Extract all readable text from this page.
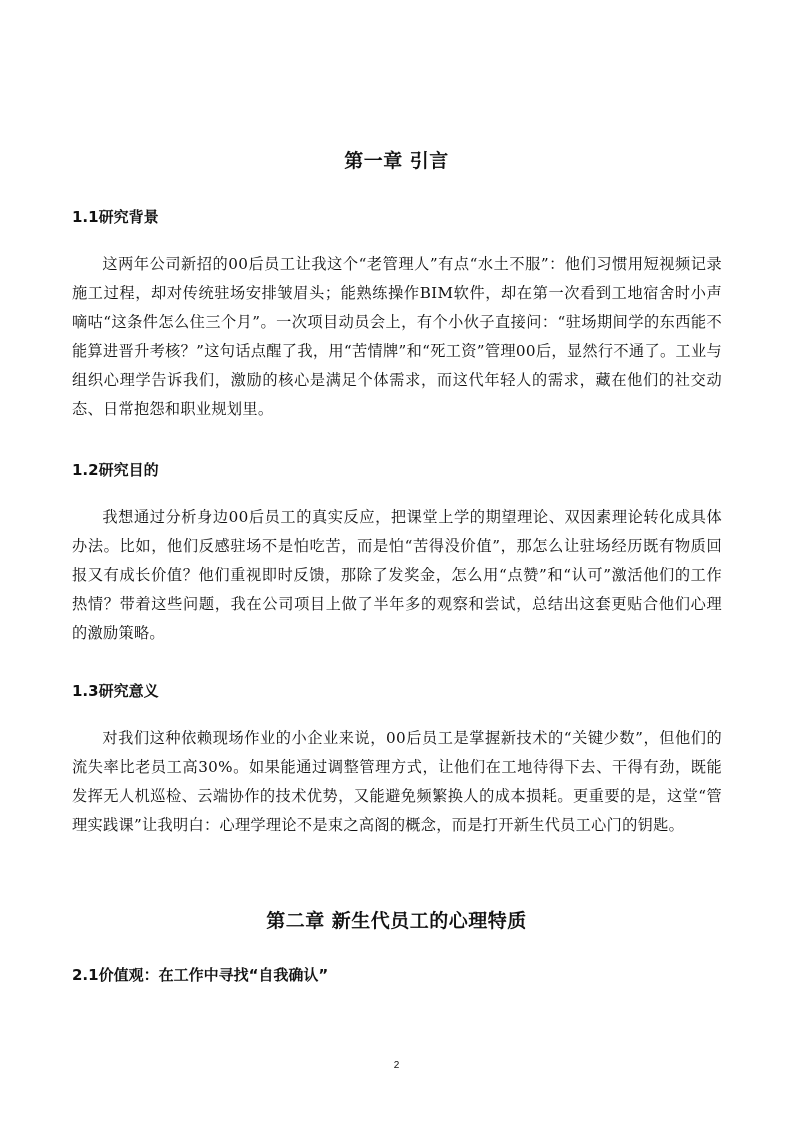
第一章 引言
1.1研究背景

这两年公司新招的00后员工让我这个“老管理人”有点“水土不服”：他们习惯用短视频记录施工过程，却对传统驻场安排皱眉头；能熟练操作BIM软件，却在第一次看到工地宿舍时小声嘀咕“这条件怎么住三个月”。一次项目动员会上，有个小伙子直接问：“驻场期间学的东西能不能算进晋升考核？”这句话点醒了我，用“苦情牌”和“死工资”管理00后，显然行不通了。工业与组织心理学告诉我们，激励的核心是满足个体需求，而这代年轻人的需求，藏在他们的社交动态、日常抱怨和职业规划里。

1.2研究目的

我想通过分析身边00后员工的真实反应，把课堂上学的期望理论、双因素理论转化成具体办法。比如，他们反感驻场不是怕吃苦，而是怕“苦得没价值”，那怎么让驻场经历既有物质回报又有成长价值？他们重视即时反馈，那除了发奖金，怎么用“点赞”和“认可”激活他们的工作热情？带着这些问题，我在公司项目上做了半年多的观察和尝试，总结出这套更贴合他们心理的激励策略。

1.3研究意义

对我们这种依赖现场作业的小企业来说，00后员工是掌握新技术的“关键少数”，但他们的流失率比老员工高30%。如果能通过调整管理方式，让他们在工地待得下去、干得有劲，既能发挥无人机巡检、云端协作的技术优势，又能避免频繁换人的成本损耗。更重要的是，这堂“管理实践课”让我明白：心理学理论不是束之高阁的概念，而是打开新生代员工心门的钥匙。

第二章 新生代员工的心理特质
2.1价值观：在工作中寻找“自我确认”
2
